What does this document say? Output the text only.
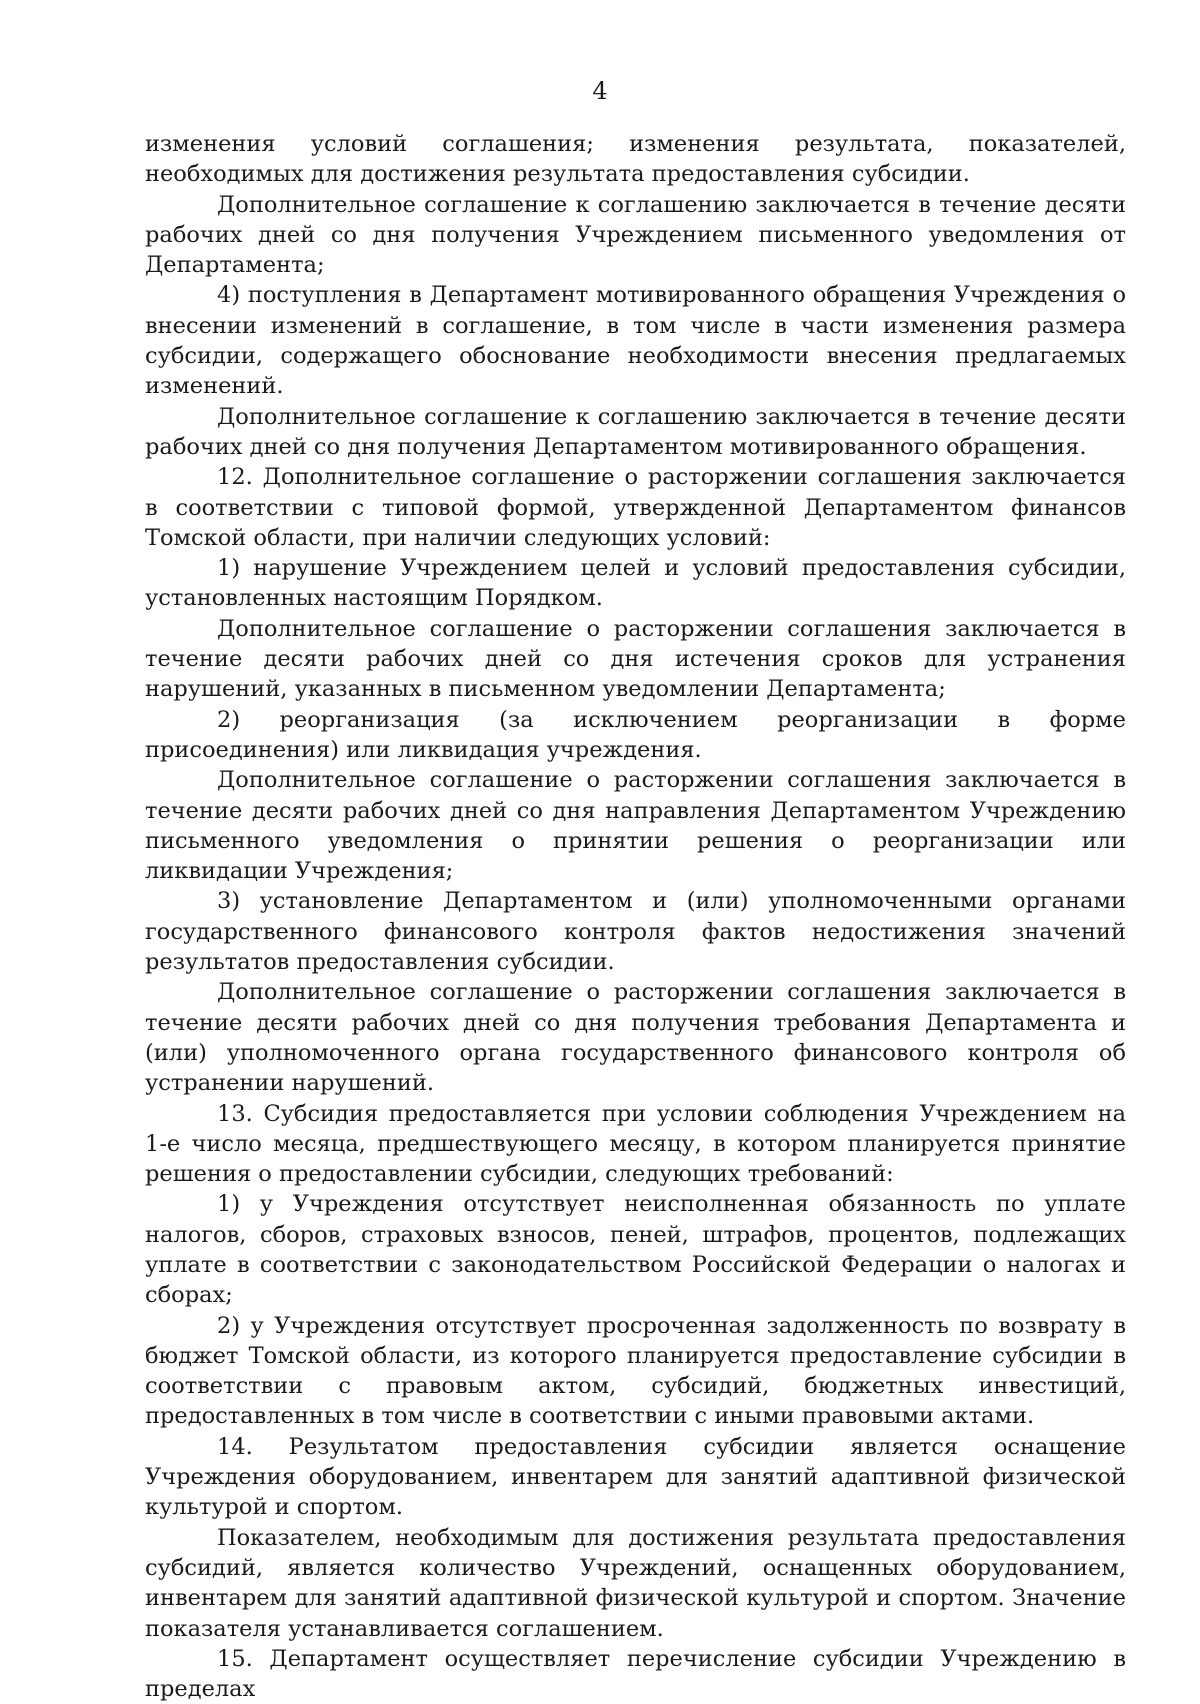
4

изменения условий соглашения; изменения результата, показателей, необходимых для достижения результата предоставления субсидии.

Дополнительное соглашение к соглашению заключается в течение десяти рабочих дней со дня получения Учреждением письменного уведомления от Департамента;

4) поступления в Департамент мотивированного обращения Учреждения о внесении изменений в соглашение, в том числе в части изменения размера субсидии, содержащего обоснование необходимости внесения предлагаемых изменений.

Дополнительное соглашение к соглашению заключается в течение десяти рабочих дней со дня получения Департаментом мотивированного обращения.

12. Дополнительное соглашение о расторжении соглашения заключается в соответствии с типовой формой, утвержденной Департаментом финансов Томской области, при наличии следующих условий:

1) нарушение Учреждением целей и условий предоставления субсидии, установленных настоящим Порядком.

Дополнительное соглашение о расторжении соглашения заключается в течение десяти рабочих дней со дня истечения сроков для устранения нарушений, указанных в письменном уведомлении Департамента;

2) реорганизация (за исключением реорганизации в форме присоединения) или ликвидация учреждения.

Дополнительное соглашение о расторжении соглашения заключается в течение десяти рабочих дней со дня направления Департаментом Учреждению письменного уведомления о принятии решения о реорганизации или ликвидации Учреждения;

3) установление Департаментом и (или) уполномоченными органами государственного финансового контроля фактов недостижения значений результатов предоставления субсидии.

Дополнительное соглашение о расторжении соглашения заключается в течение десяти рабочих дней со дня получения требования Департамента и (или) уполномоченного органа государственного финансового контроля об устранении нарушений.

13. Субсидия предоставляется при условии соблюдения Учреждением на 1-е число месяца, предшествующего месяцу, в котором планируется принятие решения о предоставлении субсидии, следующих требований:

1) у Учреждения отсутствует неисполненная обязанность по уплате налогов, сборов, страховых взносов, пеней, штрафов, процентов, подлежащих уплате в соответствии с законодательством Российской Федерации о налогах и сборах;

2) у Учреждения отсутствует просроченная задолженность по возврату в бюджет Томской области, из которого планируется предоставление субсидии в соответствии с правовым актом, субсидий, бюджетных инвестиций, предоставленных в том числе в соответствии с иными правовыми актами.

14. Результатом предоставления субсидии является оснащение Учреждения оборудованием, инвентарем для занятий адаптивной физической культурой и спортом.

Показателем, необходимым для достижения результата предоставления субсидий, является количество Учреждений, оснащенных оборудованием, инвентарем для занятий адаптивной физической культурой и спортом. Значение показателя устанавливается соглашением.

15. Департамент осуществляет перечисление субсидии Учреждению в пределах
